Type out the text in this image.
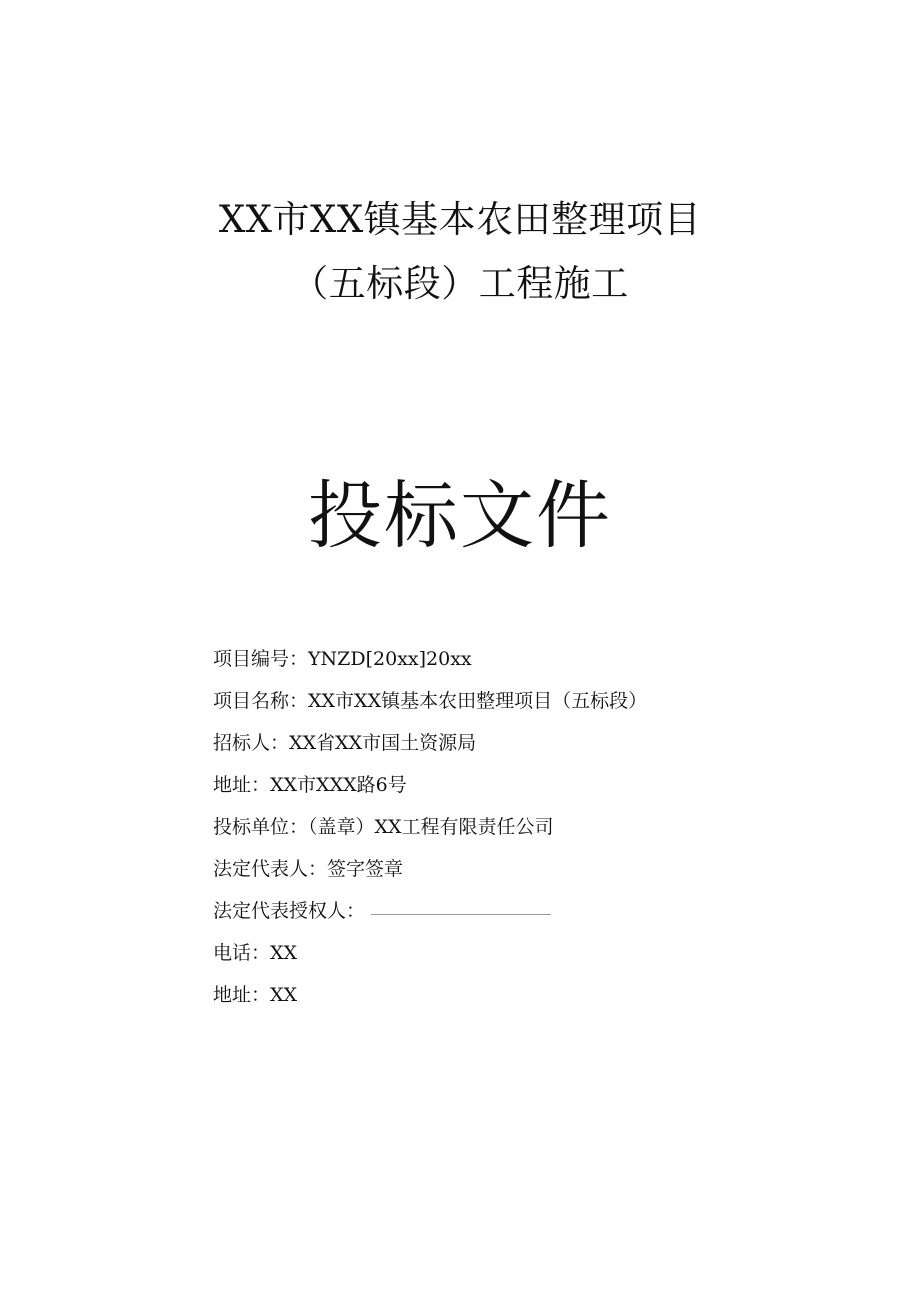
XX市XX镇基本农田整理项目
（五标段）工程施工
投标文件
项目编号：YNZD[20xx]20xx
项目名称：XX市XX镇基本农田整理项目（五标段）
招标人：XX省XX市国土资源局
地址：XX市XXX路6号
投标单位：（盖章）XX工程有限责任公司
法定代表人：签字签章
法定代表授权人：
电话：XX
地址：XX
